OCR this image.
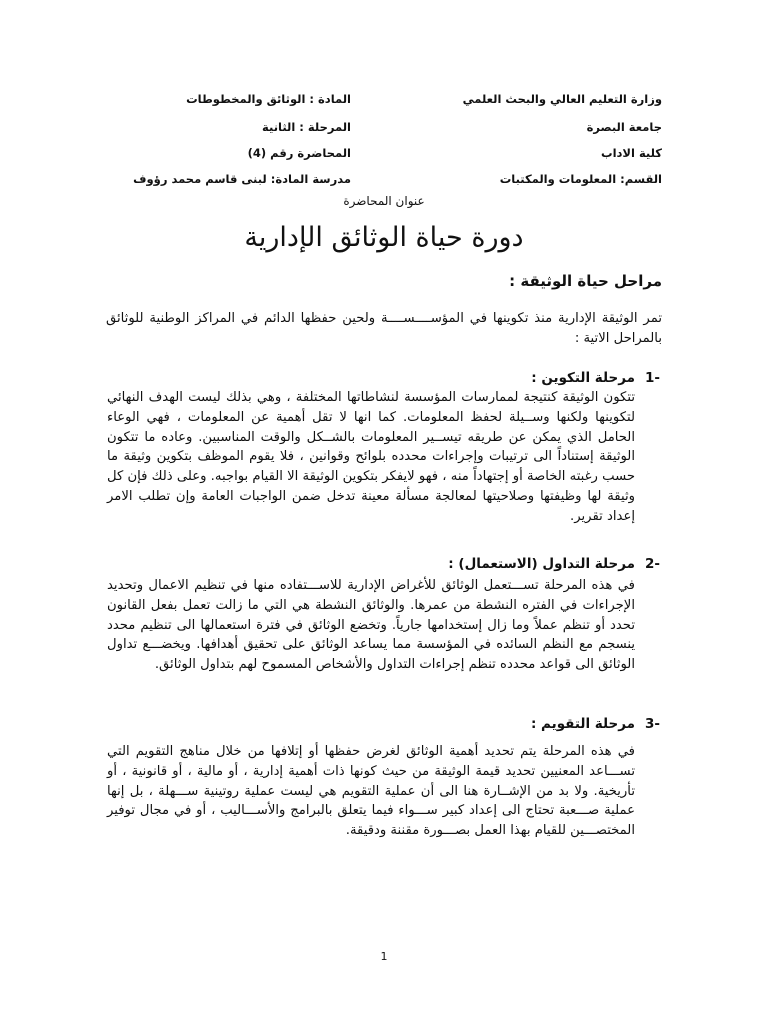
وزارة التعليم العالي والبحث العلمي
جامعة البصرة
كلية الاداب
القسم: المعلومات والمكتبات
المادة : الوثائق والمخطوطات
المرحلة : الثانية
المحاضرة رقم (4)
مدرسة المادة: لبنى قاسم محمد رؤوف
عنوان المحاضرة
دورة حياة الوثائق الإدارية
مراحل حياة الوثيقة :
تمر الوثيقة الإدارية منذ تكوينها في المؤســــســــة ولحين حفظها الدائم في المراكز الوطنية للوثائق بالمراحل الاتية :
-1مرحلة التكوين :
تتكون الوثيقة كنتيجة لممارسات المؤسسة لنشاطاتها المختلفة ، وهي بذلك ليست الهدف النهائي لتكوينها ولكنها وســيلة لحفظ المعلومات. كما انها لا تقل أهمية عن المعلومات ، فهي الوعاء الحامل الذي يمكن عن طريقه تيســير المعلومات بالشــكل والوقت المناسبين. وعاده ما تتكون الوثيقة إستناداً الى ترتيبات وإجراءات محدده بلوائح وقوانين ، فلا يقوم الموظف بتكوين وثيقة ما حسب رغبته الخاصة أو إجتهاداً منه ، فهو لايفكر بتكوين الوثيقة الا القيام بواجبه. وعلى ذلك فإن كل وثيقة لها وظيفتها وصلاحيتها لمعالجة مسألة معينة تدخل ضمن الواجبات العامة وإن تطلب الامر إعداد تقرير.
-2مرحلة التداول (الاستعمال) :
في هذه المرحلة تســـتعمل الوثائق للأغراض الإدارية للاســـتفاده منها في تنظيم الاعمال وتحديد الإجراءات في الفتره النشطة من عمرها. والوثائق النشطة هي التي ما زالت تعمل بفعل القانون تحدد أو تنظم عملاً وما زال إستخدامها جارياً. وتخضع الوثائق في فترة استعمالها الى تنظيم محدد ينسجم مع النظم السائده في المؤسسة مما يساعد الوثائق على تحقيق أهدافها. ويخضـــع تداول الوثائق الى قواعد محدده تنظم إجراءات التداول والأشخاص المسموح لهم بتداول الوثائق.
-3مرحلة التقويم :
في هذه المرحلة يتم تحديد أهمية الوثائق لغرض حفظها أو إتلافها من خلال مناهج التقويم التي تســـاعد المعنيين تحديد قيمة الوثيقة من حيث كونها ذات أهمية إدارية ، أو مالية ، أو قانونية ، أو تأريخية. ولا بد من الإشــارة هنا الى أن عملية التقويم هي ليست عملية روتينية ســـهلة ، بل إنها عملية صـــعبة تحتاج الى إعداد كبير ســـواء فيما يتعلق بالبرامج والأســـاليب ، أو في مجال توفير المختصـــين للقيام بهذا العمل بصـــورة مقننة ودقيقة.
1
